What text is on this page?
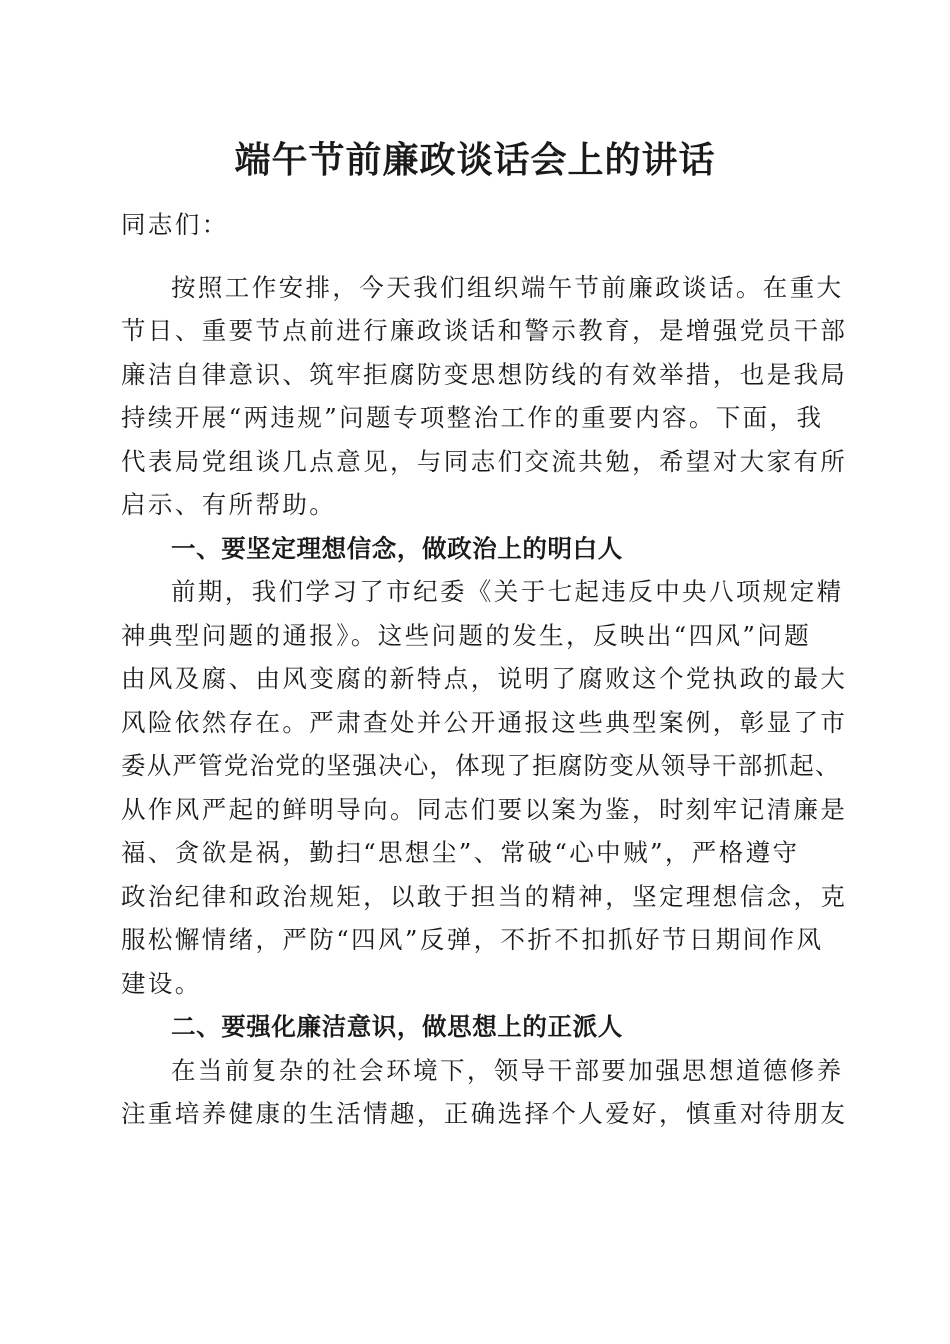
端午节前廉政谈话会上的讲话
同志们：
按照工作安排，今天我们组织端午节前廉政谈话。在重大
节日、重要节点前进行廉政谈话和警示教育，是增强党员干部
廉洁自律意识、筑牢拒腐防变思想防线的有效举措，也是我局
持续开展“两违规”问题专项整治工作的重要内容。下面，我
代表局党组谈几点意见，与同志们交流共勉，希望对大家有所
启示、有所帮助。
一、要坚定理想信念，做政治上的明白人
前期，我们学习了市纪委《关于七起违反中央八项规定精
神典型问题的通报》。这些问题的发生，反映出“四风”问题
由风及腐、由风变腐的新特点，说明了腐败这个党执政的最大
风险依然存在。严肃查处并公开通报这些典型案例，彰显了市
委从严管党治党的坚强决心，体现了拒腐防变从领导干部抓起、
从作风严起的鲜明导向。同志们要以案为鉴，时刻牢记清廉是
福、贪欲是祸，勤扫“思想尘”、常破“心中贼”，严格遵守
政治纪律和政治规矩，以敢于担当的精神，坚定理想信念，克
服松懈情绪，严防“四风”反弹，不折不扣抓好节日期间作风
建设。
二、要强化廉洁意识，做思想上的正派人
在当前复杂的社会环境下，领导干部要加强思想道德修养
注重培养健康的生活情趣，正确选择个人爱好，慎重对待朋友
